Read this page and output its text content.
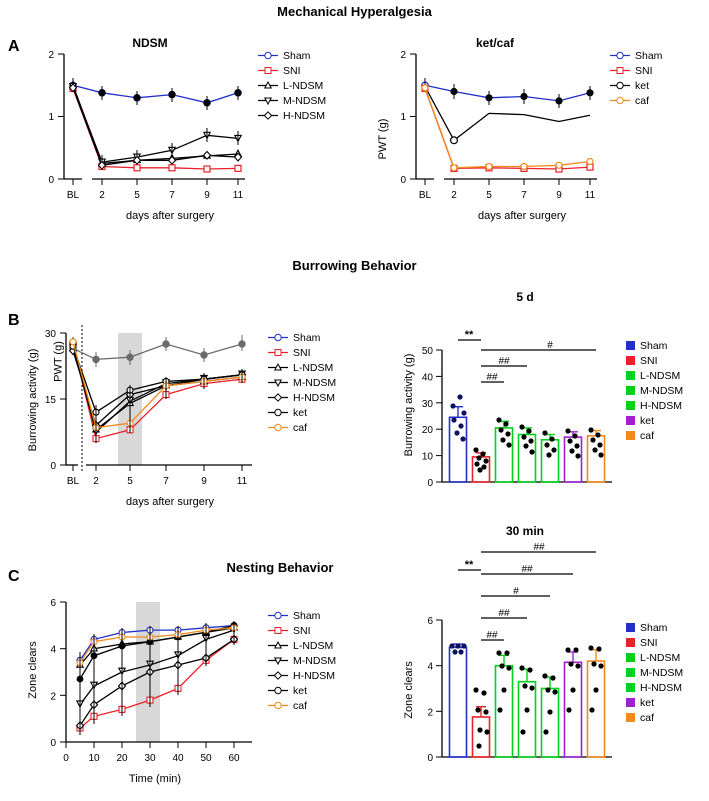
Mechanical Hyperalgesia
A	NDSM	ket/caf
Burrowing Behavior
B
5 d
Nesting Behavior
C
30 min
PWT (g)
0
1
2
BL 2	5	7	9 11
days after surgery
Sham
SNI
L-NDSM
M-NDSM
H-NDSM
PWT (g)
0
1
2
BL 2	5	7	9 11
days after surgery
Sham
SNI
ket
caf
Burrowing activity (g)
0
15
30
BL 2	5	7	9	11
days after surgery
Sham
SNI
L-NDSM
M-NDSM
H-NDSM
ket
caf	Burrowing activity (g)
0
10
20
30
40
50
**
##
##
#	Sham
SNI
L-NDSM
M-NDSM
H-NDSM
ket
caf
Zone clears
0
2
4
6
0 10 20 30 40 50 60
Time (min)
Sham
SNI
L-NDSM
M-NDSM
H-NDSM
ket
caf	Zone clears
0
2
4
6
**
##
##
#
##
##
Sham
SNI
L-NDSM
M-NDSM
H-NDSM
ket
caf
